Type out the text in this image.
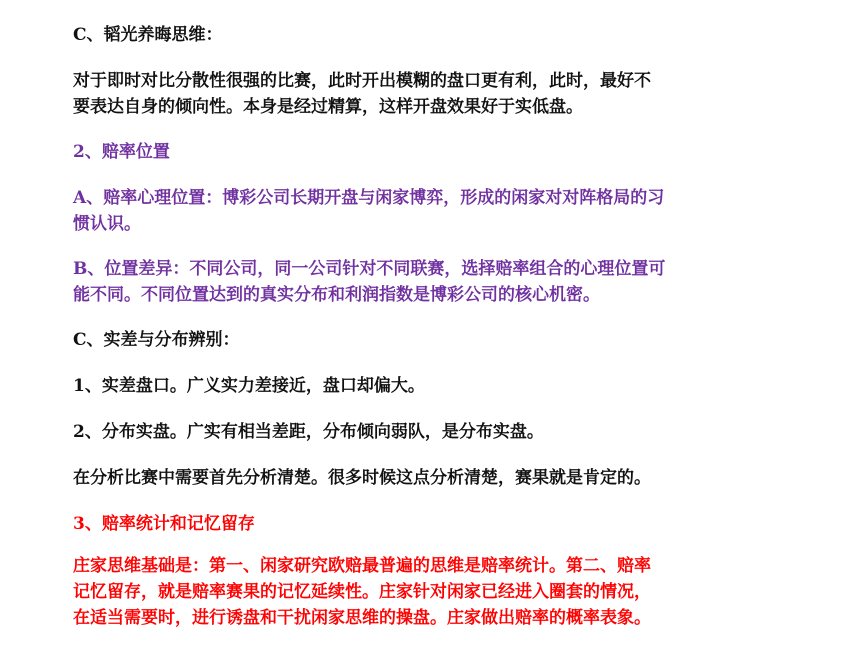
C、韬光养晦思维：

对于即时对比分散性很强的比赛，此时开出模糊的盘口更有利，此时，最好不
要表达自身的倾向性。本身是经过精算，这样开盘效果好于实低盘。

2、赔率位置

A、赔率心理位置：博彩公司长期开盘与闲家博弈，形成的闲家对对阵格局的习
惯认识。

B、位置差异：不同公司，同一公司针对不同联赛，选择赔率组合的心理位置可
能不同。不同位置达到的真实分布和利润指数是博彩公司的核心机密。

C、实差与分布辨别：

1、实差盘口。广义实力差接近，盘口却偏大。

2、分布实盘。广实有相当差距，分布倾向弱队，是分布实盘。

在分析比赛中需要首先分析清楚。很多时候这点分析清楚，赛果就是肯定的。

3、赔率统计和记忆留存

庄家思维基础是：第一、闲家研究欧赔最普遍的思维是赔率统计。第二、赔率
记忆留存，就是赔率赛果的记忆延续性。庄家针对闲家已经进入圈套的情况，
在适当需要时，进行诱盘和干扰闲家思维的操盘。庄家做出赔率的概率表象。
